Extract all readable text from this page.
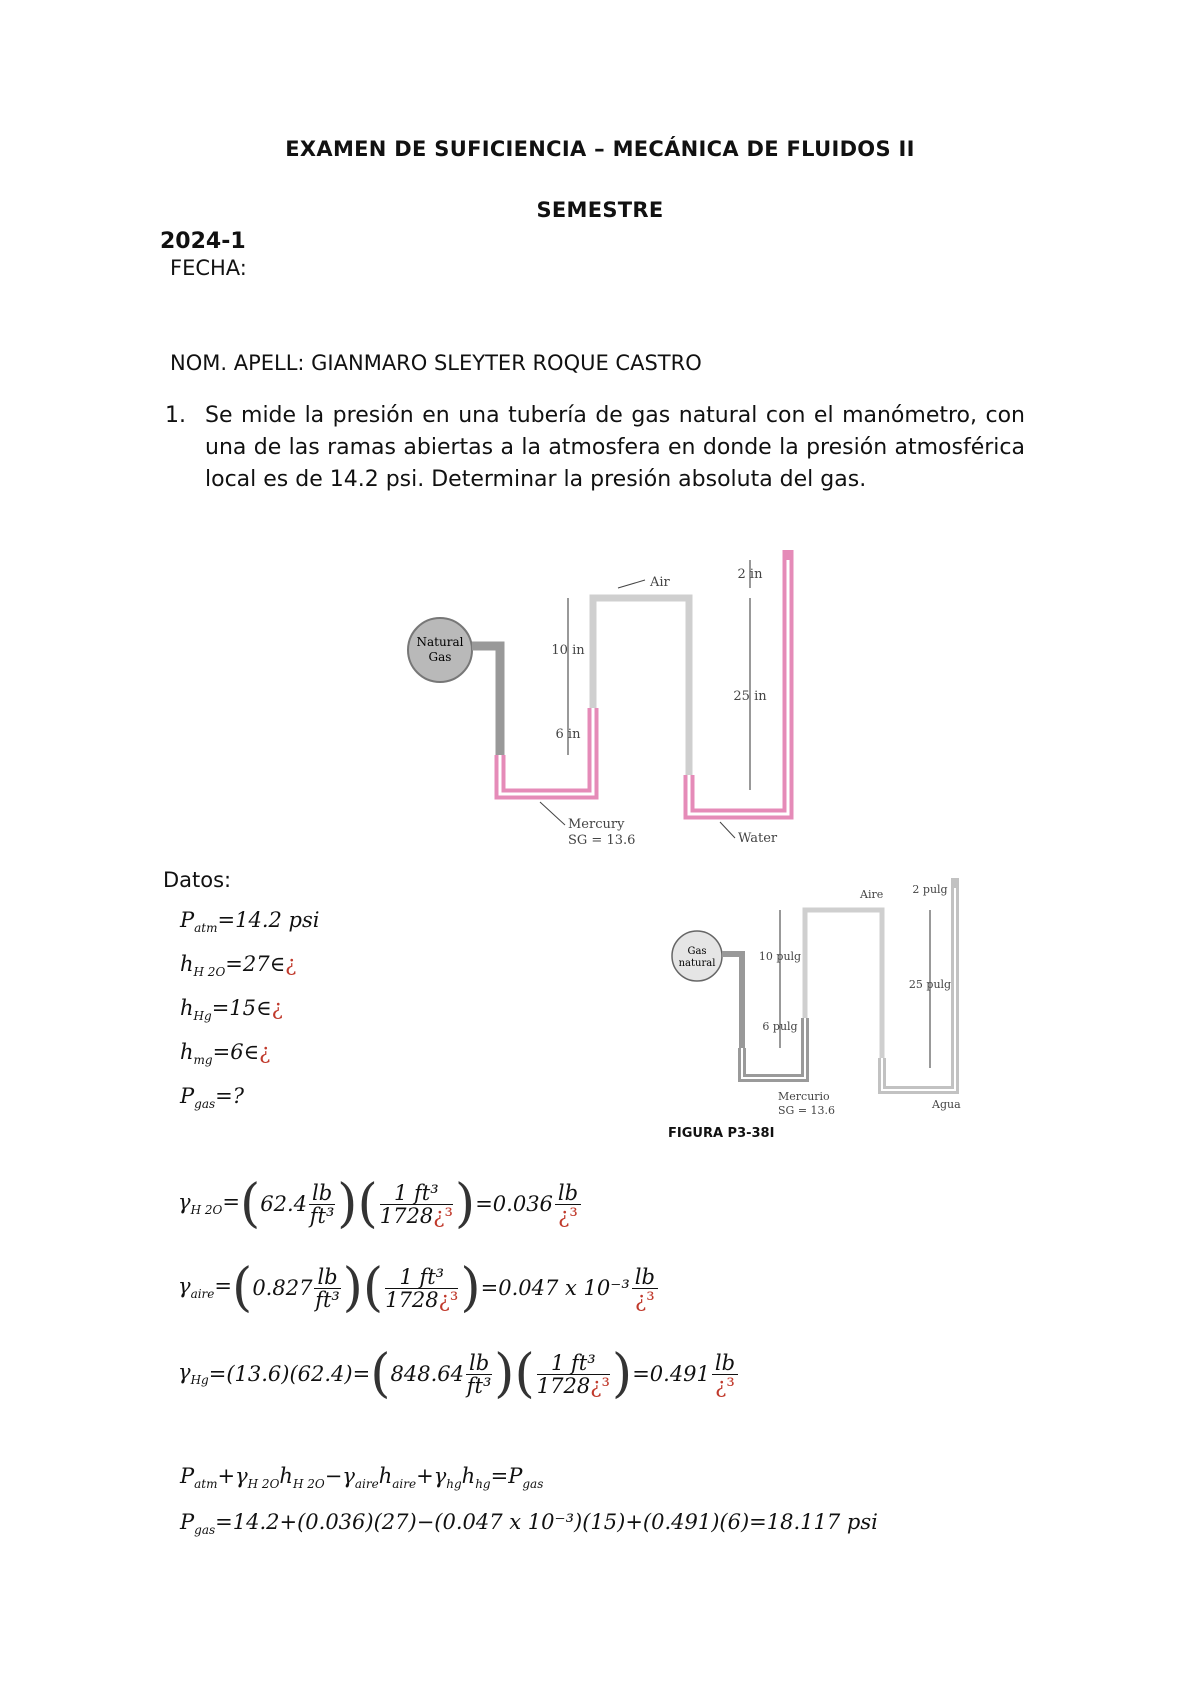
EXAMEN DE SUFICIENCIA – MECÁNICA DE FLUIDOS II
SEMESTRE
2024-1
FECHA:
NOM. APELL: GIANMARO SLEYTER ROQUE CASTRO
1. Se mide la presión en una tubería de gas natural con el manómetro, con una de las ramas abiertas a la atmosfera en donde la presión atmosférica local es de 14.2 psi. Determinar la presión absoluta del gas.
Natural
Gas	10 in
6 in
25 in
2 in
Air
Mercury
SG = 13.6	Water
Datos:
$P_{atm}=14.2$ psi
$h_{H 2O}=27\in¿$
$h_{Hg}=15\in¿$
$h_{mg}=6\in¿$
$P_{gas}=$?
Gas
natural
10 pulg
6 pulg
25 pulg
2 pulg
Aire
Mercurio
SG = 13.6	Agua
FIGURA P3-38I
$\gamma_{H 2O}=$ ( $62.4 \frac{lb}{\text{ft³}}$ ) ( $\frac{\text{1 ft³}}{\text{1728¿³}}$ ) $=0.036 \frac{lb}{\text{¿³}}$
$\gamma_{aire}=$ ( $0.827 \frac{lb}{\text{ft³}}$ ) ( $\frac{\text{1 ft³}}{\text{1728¿³}}$ ) =0.047 x $10^{-3} \frac{lb}{\text{¿³}}$
$\gamma_{Hg} =(13.6)(62.4)=$ ( $848.64 \frac{lb}{\text{ft³}}$ ) ( $\frac{\text{1 ft³}}{\text{1728¿³}}$ ) $=0.491 \frac{lb}{\text{¿³}}$
$P_{atm}+\gamma_{H 2O}h_{H 2O}-\gamma_{aire}h_{aire}+\gamma_{hg}h_{hg}=P_{gas}$
$P_{gas}=14.2+(0.036)(27)-(0.047$ x 10⁻³)(15)+(0.491)(6)=18.117 psi
